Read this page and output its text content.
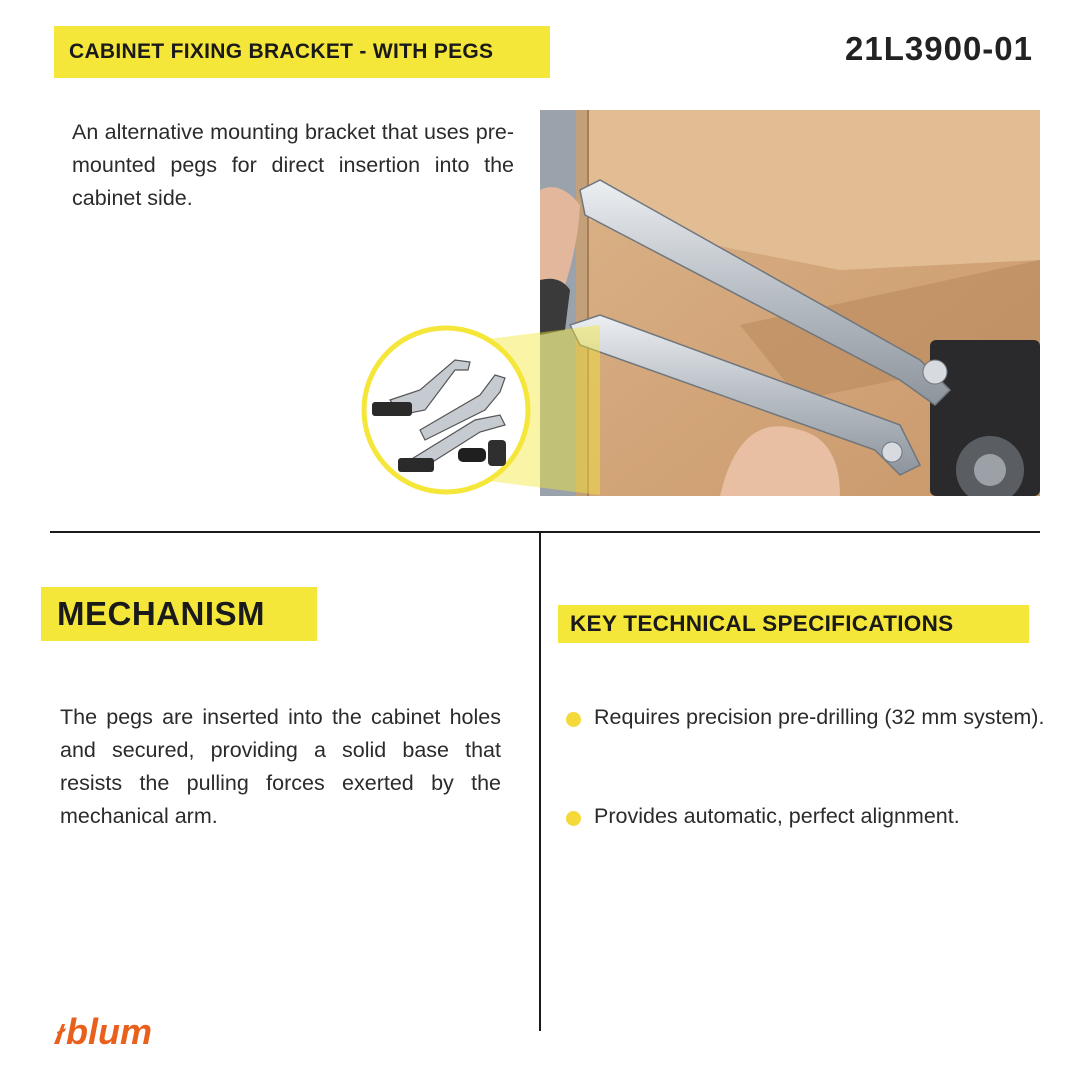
CABINET FIXING BRACKET - WITH PEGS	21L3900-01
An alternative mounting bracket that uses pre-mounted pegs for direct insertion into the cabinet side.
MECHANISM
The pegs are inserted into the cabinet holes and secured, providing a solid base that resists the pulling forces exerted by the mechanical arm.
KEY TECHNICAL SPECIFICATIONS
Requires precision pre-drilling (32 mm system).
Provides automatic, perfect alignment.
blum
